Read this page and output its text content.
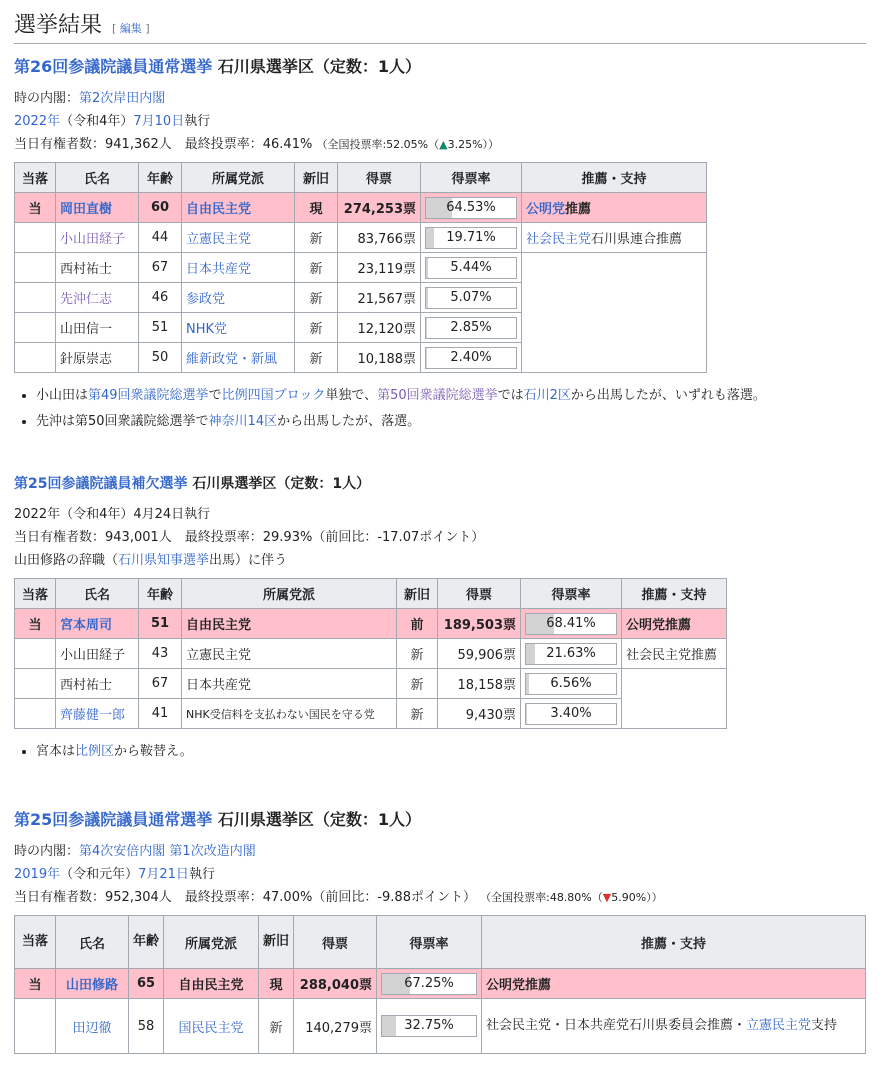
選挙結果 [ 編集 ]
第26回参議院議員通常選挙 石川県選挙区（定数：1人）
時の内閣：第2次岸田内閣
2022年（令和4年）7月10日執行
当日有権者数：941,362人　最終投票率：46.41% （全国投票率:52.05%（▲3.25%））
当落	氏名	年齢	所属党派	新旧	得票	得票率	推薦・支持
当	岡田直樹	60	自由民主党	現	274,253票	64.53%	公明党推薦
	小山田経子	44	立憲民主党	新	83,766票	19.71%	社会民主党石川県連合推薦
	西村祐士	67	日本共産党	新	23,119票	5.44%	

	先沖仁志	46	参政党	新	21,567票	5.07%	

	山田信一	51	NHK党	新	12,120票	2.85%	

	針原崇志	50	維新政党・新風	新	10,188票	2.40%	
• 小山田は第49回衆議院総選挙で比例四国ブロック単独で、第50回衆議院総選挙では石川2区から出馬したが、いずれも落選。
• 先沖は第50回衆議院総選挙で神奈川14区から出馬したが、落選。
第25回参議院議員補欠選挙 石川県選挙区（定数：1人）
2022年（令和4年）4月24日執行
当日有権者数：943,001人　最終投票率：29.93%（前回比：-17.07ポイント）
山田修路の辞職（石川県知事選挙出馬）に伴う
当落	氏名	年齢	所属党派	新旧	得票	得票率	推薦・支持
当	宮本周司	51	自由民主党	前	189,503票	68.41%	公明党推薦
	小山田経子	43	立憲民主党	新	59,906票	21.63%	社会民主党推薦
	西村祐士	67	日本共産党	新	18,158票	6.56%	

	齊藤健一郎	41	NHK受信料を支払わない国民を守る党	新	9,430票	3.40%	
• 宮本は比例区から鞍替え。
第25回参議院議員通常選挙 石川県選挙区（定数：1人）
時の内閣：第4次安倍内閣 第1次改造内閣
2019年（令和元年）7月21日執行
当日有権者数：952,304人　最終投票率：47.00%（前回比：-9.88ポイント） （全国投票率:48.80%（▼5.90%））
当落	氏名	年齢	所属党派	新旧	得票	得票率	推薦・支持
当	山田修路	65	自由民主党	現	288,040票	67.25%	公明党推薦
	田辺徹	58	国民民主党	新	140,279票	32.75%	社会民主党・日本共産党石川県委員会推薦・立憲民主党支持
